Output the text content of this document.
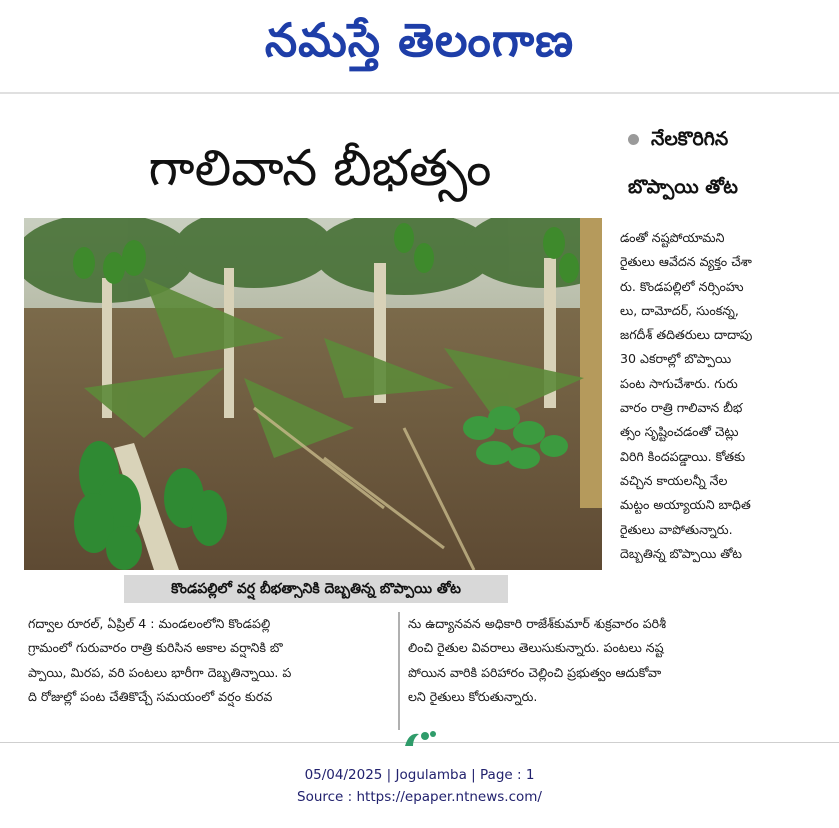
నమస్తే తెలంగాణ
గాలివాన బీభత్సం	నేలకొరిగిన
బొప్పాయి తోట
కొండపల్లిలో వర్ష బీభత్సానికి దెబ్బతిన్న బొప్పాయి తోట

డంతో నష్టపోయామని

రైతులు ఆవేదన వ్యక్తం చేశా

రు. కొండపల్లిలో నర్సింహు

లు, దామోదర్, సుంకన్న,

జగదీశ్ తదితరులు దాదాపు

30 ఎకరాల్లో బొప్పాయి

పంట సాగుచేశారు. గురు

వారం రాత్రి గాలివాన బీభ

త్సం సృష్టించడంతో చెట్లు

విరిగి కిందపడ్డాయి. కోతకు

వచ్చిన కాయలన్నీ నేల

మట్టం అయ్యాయని బాధిత

రైతులు వాపోతున్నారు.

దెబ్బతిన్న బొప్పాయి తోట

గద్వాల రూరల్, ఏప్రిల్ 4 : మండలంలోని కొండపల్లి

గ్రామంలో గురువారం రాత్రి కురిసిన అకాల వర్షానికి బొ

ప్పాయి, మిరప, వరి పంటలు భారీగా దెబ్బతిన్నాయి. ప

ది రోజుల్లో పంట చేతికొచ్చే సమయంలో వర్షం కురవ

ను ఉద్యానవన అధికారి రాజేశ్‌కుమార్ శుక్రవారం పరిశీ

లించి రైతుల వివరాలు తెలుసుకున్నారు. పంటలు నష్ట

పోయిన వారికి పరిహారం చెల్లించి ప్రభుత్వం ఆదుకోవా

లని రైతులు కోరుతున్నారు.

05/04/2025 | Jogulamba | Page : 1
Source : https://epaper.ntnews.com/
